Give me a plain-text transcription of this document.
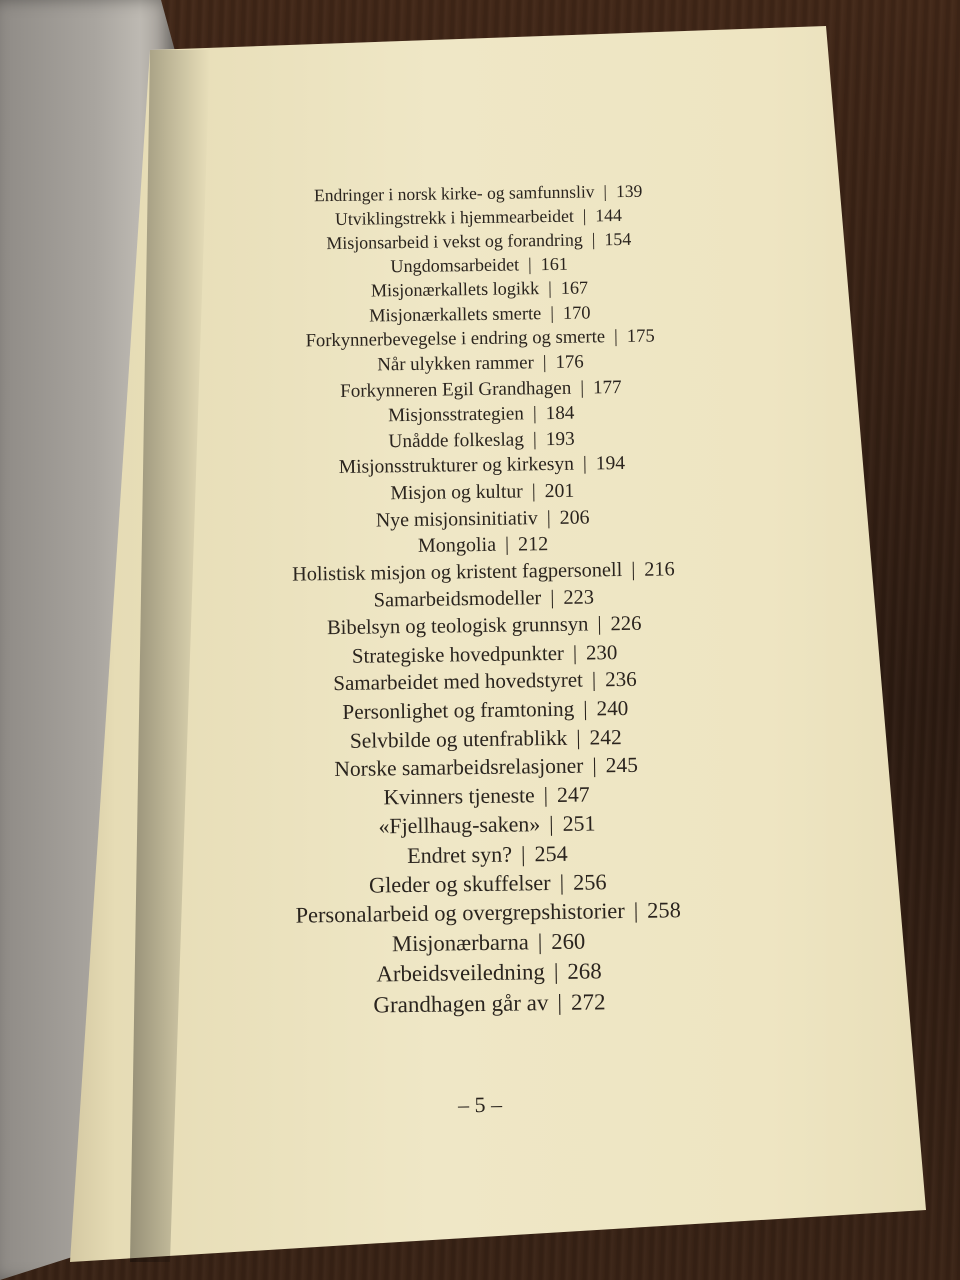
Endringer i norsk kirke- og samfunnsliv | 139
Utviklingstrekk i hjemmearbeidet | 144
Misjonsarbeid i vekst og forandring | 154
Ungdomsarbeidet | 161
Misjonærkallets logikk | 167
Misjonærkallets smerte | 170
Forkynnerbevegelse i endring og smerte | 175
Når ulykken rammer | 176
Forkynneren Egil Grandhagen | 177
Misjonsstrategien | 184
Unådde folkeslag | 193
Misjonsstrukturer og kirkesyn | 194
Misjon og kultur | 201
Nye misjonsinitiativ | 206
Mongolia | 212
Holistisk misjon og kristent fagpersonell | 216
Samarbeidsmodeller | 223
Bibelsyn og teologisk grunnsyn | 226
Strategiske hovedpunkter | 230
Samarbeidet med hovedstyret | 236
Personlighet og framtoning | 240
Selvbilde og utenfrablikk | 242
Norske samarbeidsrelasjoner | 245
Kvinners tjeneste | 247
«Fjellhaug-saken» | 251
Endret syn? | 254
Gleder og skuffelser | 256
Personalarbeid og overgrepshistorier | 258
Misjonærbarna | 260
Arbeidsveiledning | 268
Grandhagen går av | 272
– 5 –
